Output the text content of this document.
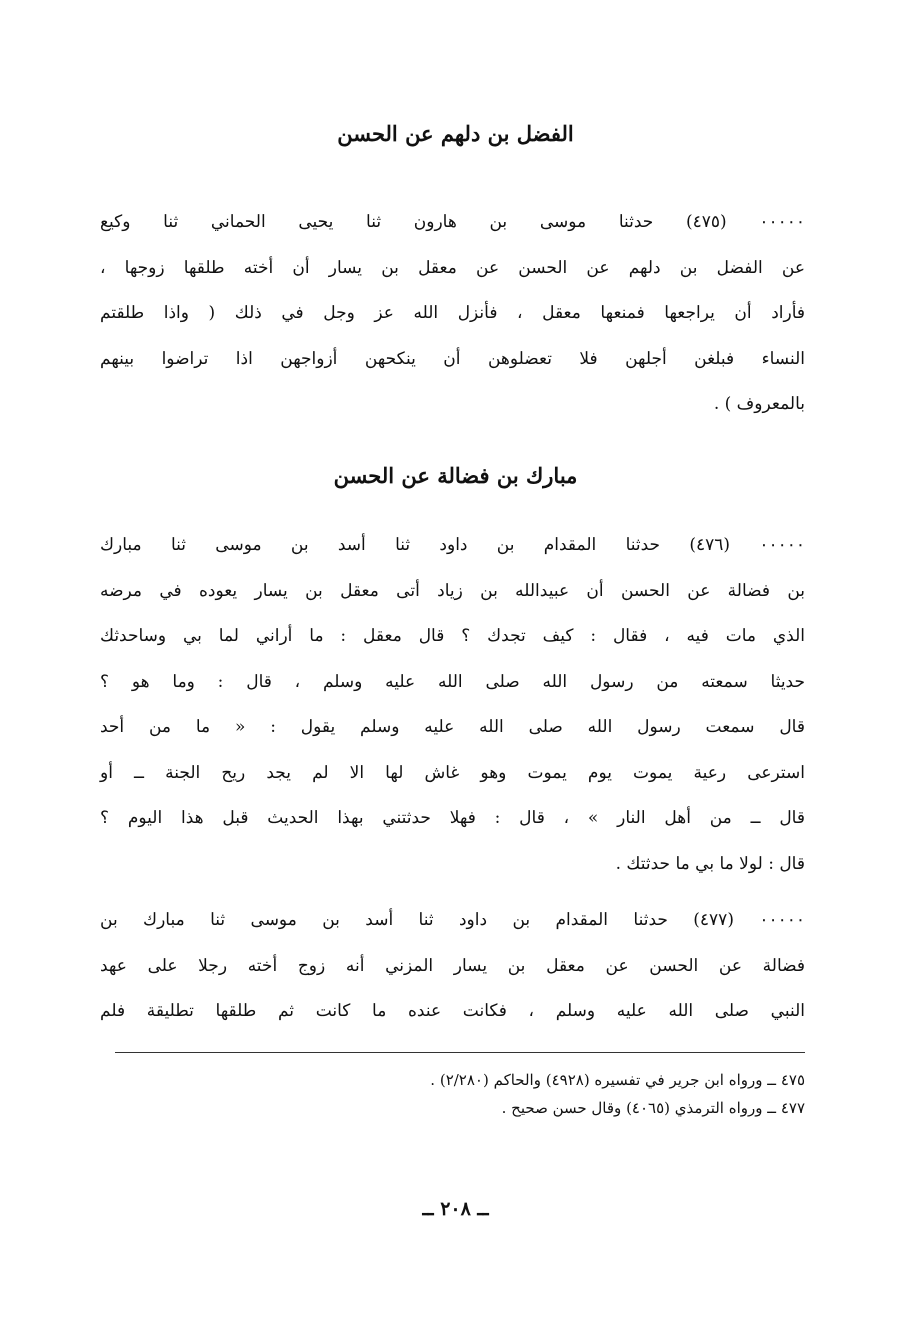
الفضل بن دلهم عن الحسن
٠٠٠٠٠ (٤٧٥) حدثنا موسى بن هارون ثنا يحيى الحماني ثنا وكيع
عن الفضل بن دلهم عن الحسن عن معقل بن يسار أن أخته طلقها زوجها ،
فأراد أن يراجعها فمنعها معقل ، فأنزل الله عز وجل في ذلك ( واذا طلقتم
النساء فبلغن أجلهن فلا تعضلوهن أن ينكحهن أزواجهن اذا تراضوا بينهم
بالمعروف ) .
مبارك بن فضالة عن الحسن
٠٠٠٠٠ (٤٧٦) حدثنا المقدام بن داود ثنا أسد بن موسى ثنا مبارك
بن فضالة عن الحسن أن عبيدالله بن زياد أتى معقل بن يسار يعوده في مرضه
الذي مات فيه ، فقال : كيف تجدك ؟ قال معقل : ما أراني لما بي وساحدثك
حديثا سمعته من رسول الله صلى الله عليه وسلم ، قال : وما هو ؟
قال سمعت رسول الله صلى الله عليه وسلم يقول : « ما من أحد
استرعى رعية يموت يوم يموت وهو غاش لها الا لم يجد ريح الجنة ــ أو
قال ــ من أهل النار » ، قال : فهلا حدثتني بهذا الحديث قبل هذا اليوم ؟
قال : لولا ما بي ما حدثتك .
٠٠٠٠٠ (٤٧٧) حدثنا المقدام بن داود ثنا أسد بن موسى ثنا مبارك بن
فضالة عن الحسن عن معقل بن يسار المزني أنه زوج أخته رجلا على عهد
النبي صلى الله عليه وسلم ، فكانت عنده ما كانت ثم طلقها تطليقة فلم
٤٧٥ ــ ورواه ابن جرير في تفسيره (٤٩٢٨) والحاكم (٢/٢٨٠) .
٤٧٧ ــ ورواه الترمذي (٤٠٦٥) وقال حسن صحيح .
ــ ٢٠٨ ــ
